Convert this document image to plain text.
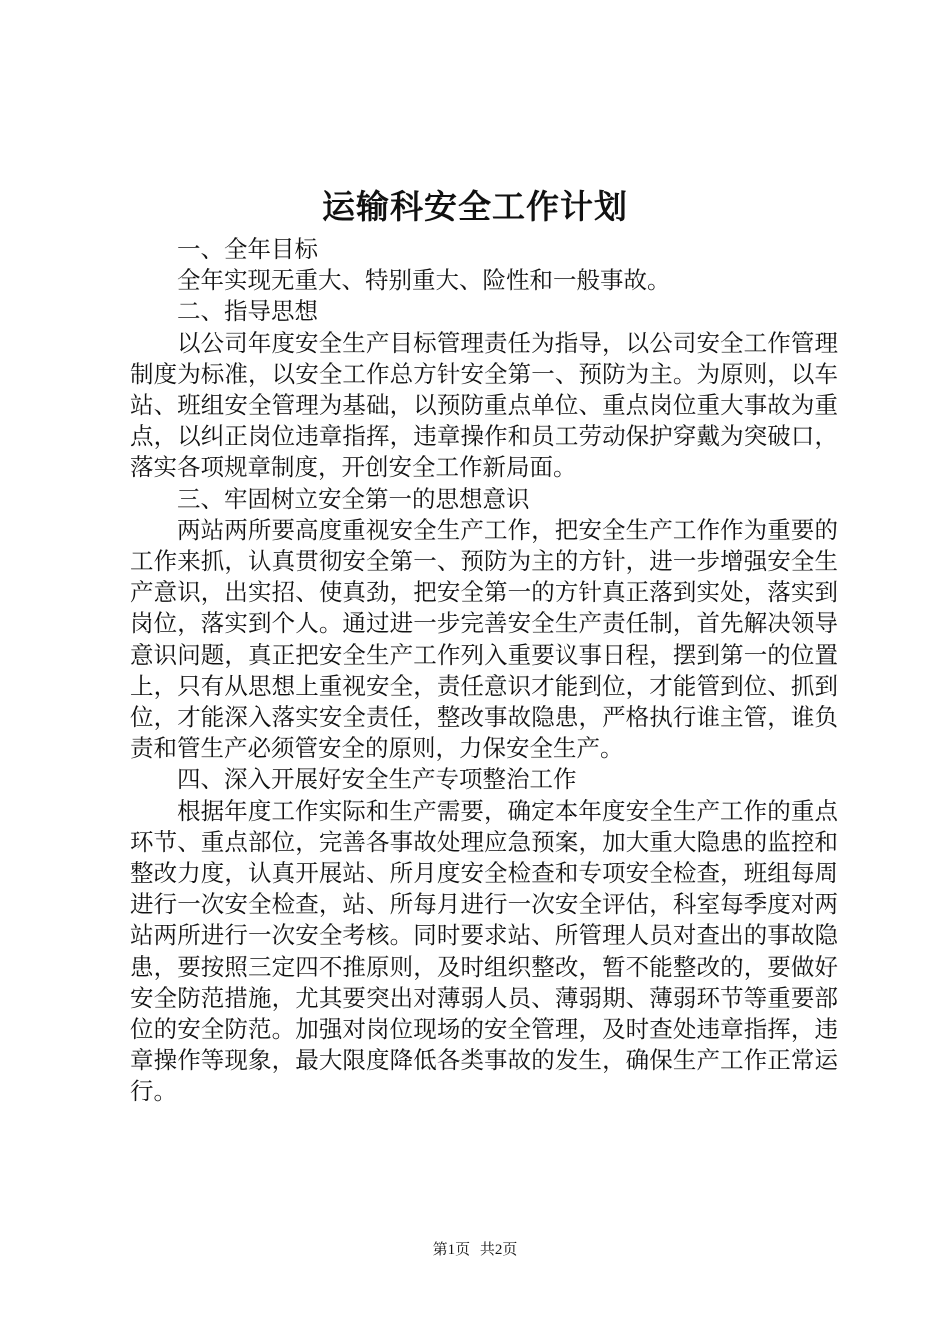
运输科安全工作计划

一、全年目标

全年实现无重大、特别重大、险性和一般事故。

二、指导思想

以公司年度安全生产目标管理责任为指导，以公司安全工作管理制度为标准，以安全工作总方针安全第一、预防为主。为原则，以车站、班组安全管理为基础，以预防重点单位、重点岗位重大事故为重点，以纠正岗位违章指挥，违章操作和员工劳动保护穿戴为突破口，落实各项规章制度，开创安全工作新局面。

三、牢固树立安全第一的思想意识

两站两所要高度重视安全生产工作，把安全生产工作作为重要的工作来抓，认真贯彻安全第一、预防为主的方针，进一步增强安全生产意识，出实招、使真劲，把安全第一的方针真正落到实处，落实到岗位，落实到个人。通过进一步完善安全生产责任制，首先解决领导意识问题，真正把安全生产工作列入重要议事日程，摆到第一的位置上，只有从思想上重视安全，责任意识才能到位，才能管到位、抓到位，才能深入落实安全责任，整改事故隐患，严格执行谁主管，谁负责和管生产必须管安全的原则，力保安全生产。

四、深入开展好安全生产专项整治工作

根据年度工作实际和生产需要，确定本年度安全生产工作的重点环节、重点部位，完善各事故处理应急预案，加大重大隐患的监控和整改力度，认真开展站、所月度安全检查和专项安全检查，班组每周进行一次安全检查，站、所每月进行一次安全评估，科室每季度对两站两所进行一次安全考核。同时要求站、所管理人员对查出的事故隐患，要按照三定四不推原则，及时组织整改，暂不能整改的，要做好安全防范措施，尤其要突出对薄弱人员、薄弱期、薄弱环节等重要部位的安全防范。加强对岗位现场的安全管理，及时查处违章指挥，违章操作等现象，最大限度降低各类事故的发生，确保生产工作正常运行。

第1页 共2页
